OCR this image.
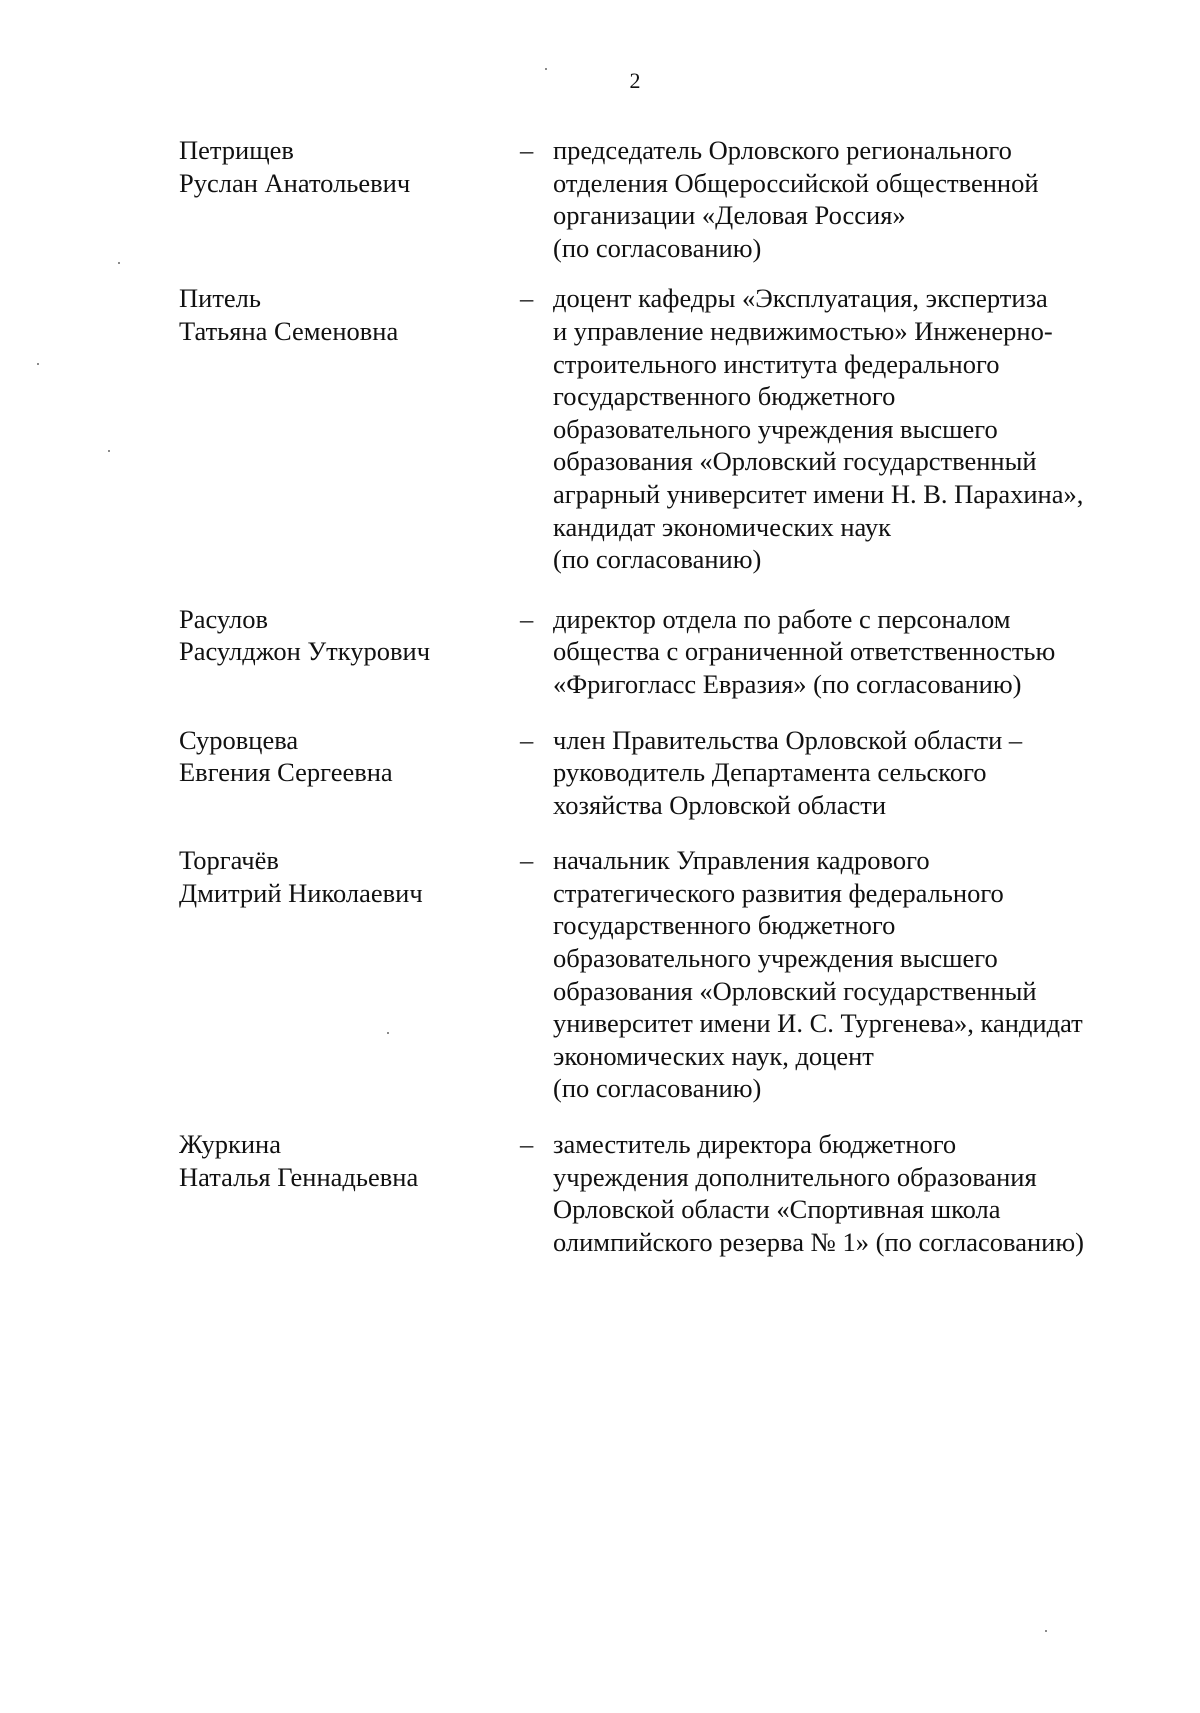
2
Петрищев
Руслан Анатольевич
– председатель Орловского регионального
отделения Общероссийской общественной
организации «Деловая Россия»
(по согласованию)
Питель
Татьяна Семеновна
– доцент кафедры «Эксплуатация, экспертиза
и управление недвижимостью» Инженерно-
строительного института федерального
государственного бюджетного
образовательного учреждения высшего
образования «Орловский государственный
аграрный университет имени Н. В. Парахина»,
кандидат экономических наук
(по согласованию)
Расулов
Расулджон Уткурович
– директор отдела по работе с персоналом
общества с ограниченной ответственностью
«Фригогласс Евразия» (по согласованию)
Суровцева
Евгения Сергеевна
– член Правительства Орловской области –
руководитель Департамента сельского
хозяйства Орловской области
Торгачёв
Дмитрий Николаевич
– начальник Управления кадрового
стратегического развития федерального
государственного бюджетного
образовательного учреждения высшего
образования «Орловский государственный
университет имени И. С. Тургенева», кандидат
экономических наук, доцент
(по согласованию)
Журкина
Наталья Геннадьевна
– заместитель директора бюджетного
учреждения дополнительного образования
Орловской области «Спортивная школа
олимпийского резерва № 1» (по согласованию)
